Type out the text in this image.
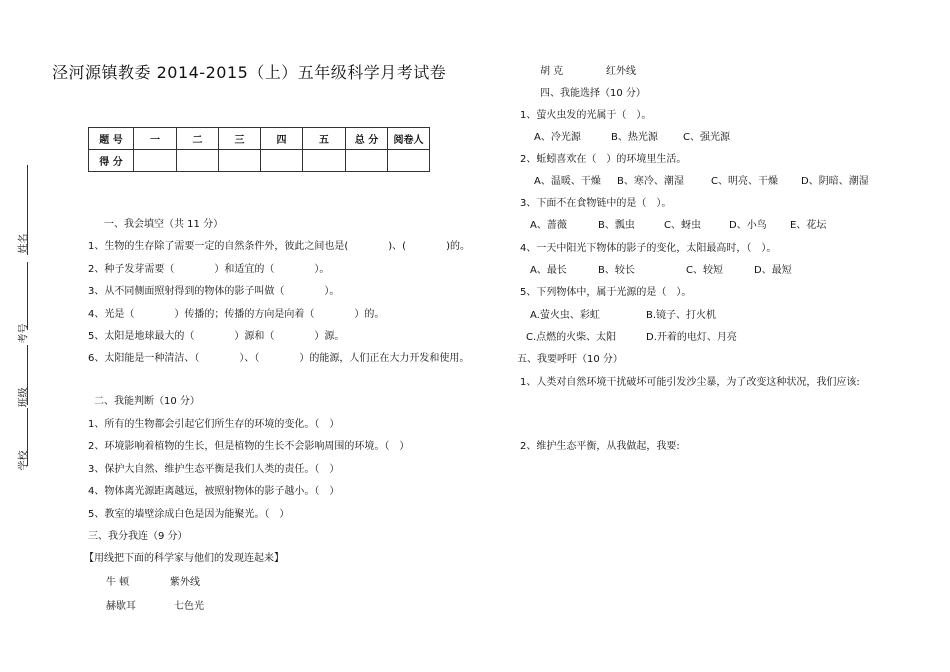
泾河源镇教委 2014-2015（上）五年级科学月考试卷
题 号	一	二	三	四	五	总 分	阅卷人
得 分							
姓名
考号
班级
学校
一、我会填空（共 11 分）
1、生物的生存除了需要一定的自然条件外，彼此之间也是(　　　　)、(　　　　)的。
2、种子发芽需要（　　　　）和适宜的（　　　　）。
3、从不同侧面照射得到的物体的影子叫做（　　　　）。
4、光是（　　　　）传播的；传播的方向是向着（　　　　）的。
5、太阳是地球最大的（　　　　）源和（　　　　）源。
6、太阳能是一种清洁、（　　　　）、（　　　　）的能源，人们正在大力开发和使用。
二、我能判断（10 分）
1、所有的生物都会引起它们所生存的环境的变化。（　）
2、环境影响着植物的生长，但是植物的生长不会影响周围的环境。（　）
3、保护大自然、维护生态平衡是我们人类的责任。（　）
4、物体离光源距离越远，被照射物体的影子越小。（　）
5、教室的墙壁涂成白色是因为能聚光。（　）
三、我分我连（9 分）
【用线把下面的科学家与他们的发现连起来】
牛 顿	紫外线
赫歇耳	七色光
胡 克	红外线
四、我能选择（10 分）
1、萤火虫发的光属于（　）。
A、冷光源	B、热光源	C、强光源
2、蚯蚓喜欢在（　）的环境里生活。
A、温暖、干燥 B、寒冷、潮湿	C、明亮、干燥 D、阴暗、潮湿
3、下面不在食物链中的是（　）。
A、蔷薇	B、瓢虫	C、蚜虫	D、小鸟 E、花坛
4、一天中阳光下物体的影子的变化，太阳最高时，（　）。
A、最长	B、较长	C、较短	D、最短
5、下列物体中，属于光源的是（　）。
A.萤火虫、彩虹	B.镜子、打火机
C.点燃的火柴、太阳	D.开着的电灯、月亮
五、我要呼吁（10 分）
1、人类对自然环境干扰破坏可能引发沙尘暴，为了改变这种状况，我们应该:
2、维护生态平衡，从我做起，我要:
